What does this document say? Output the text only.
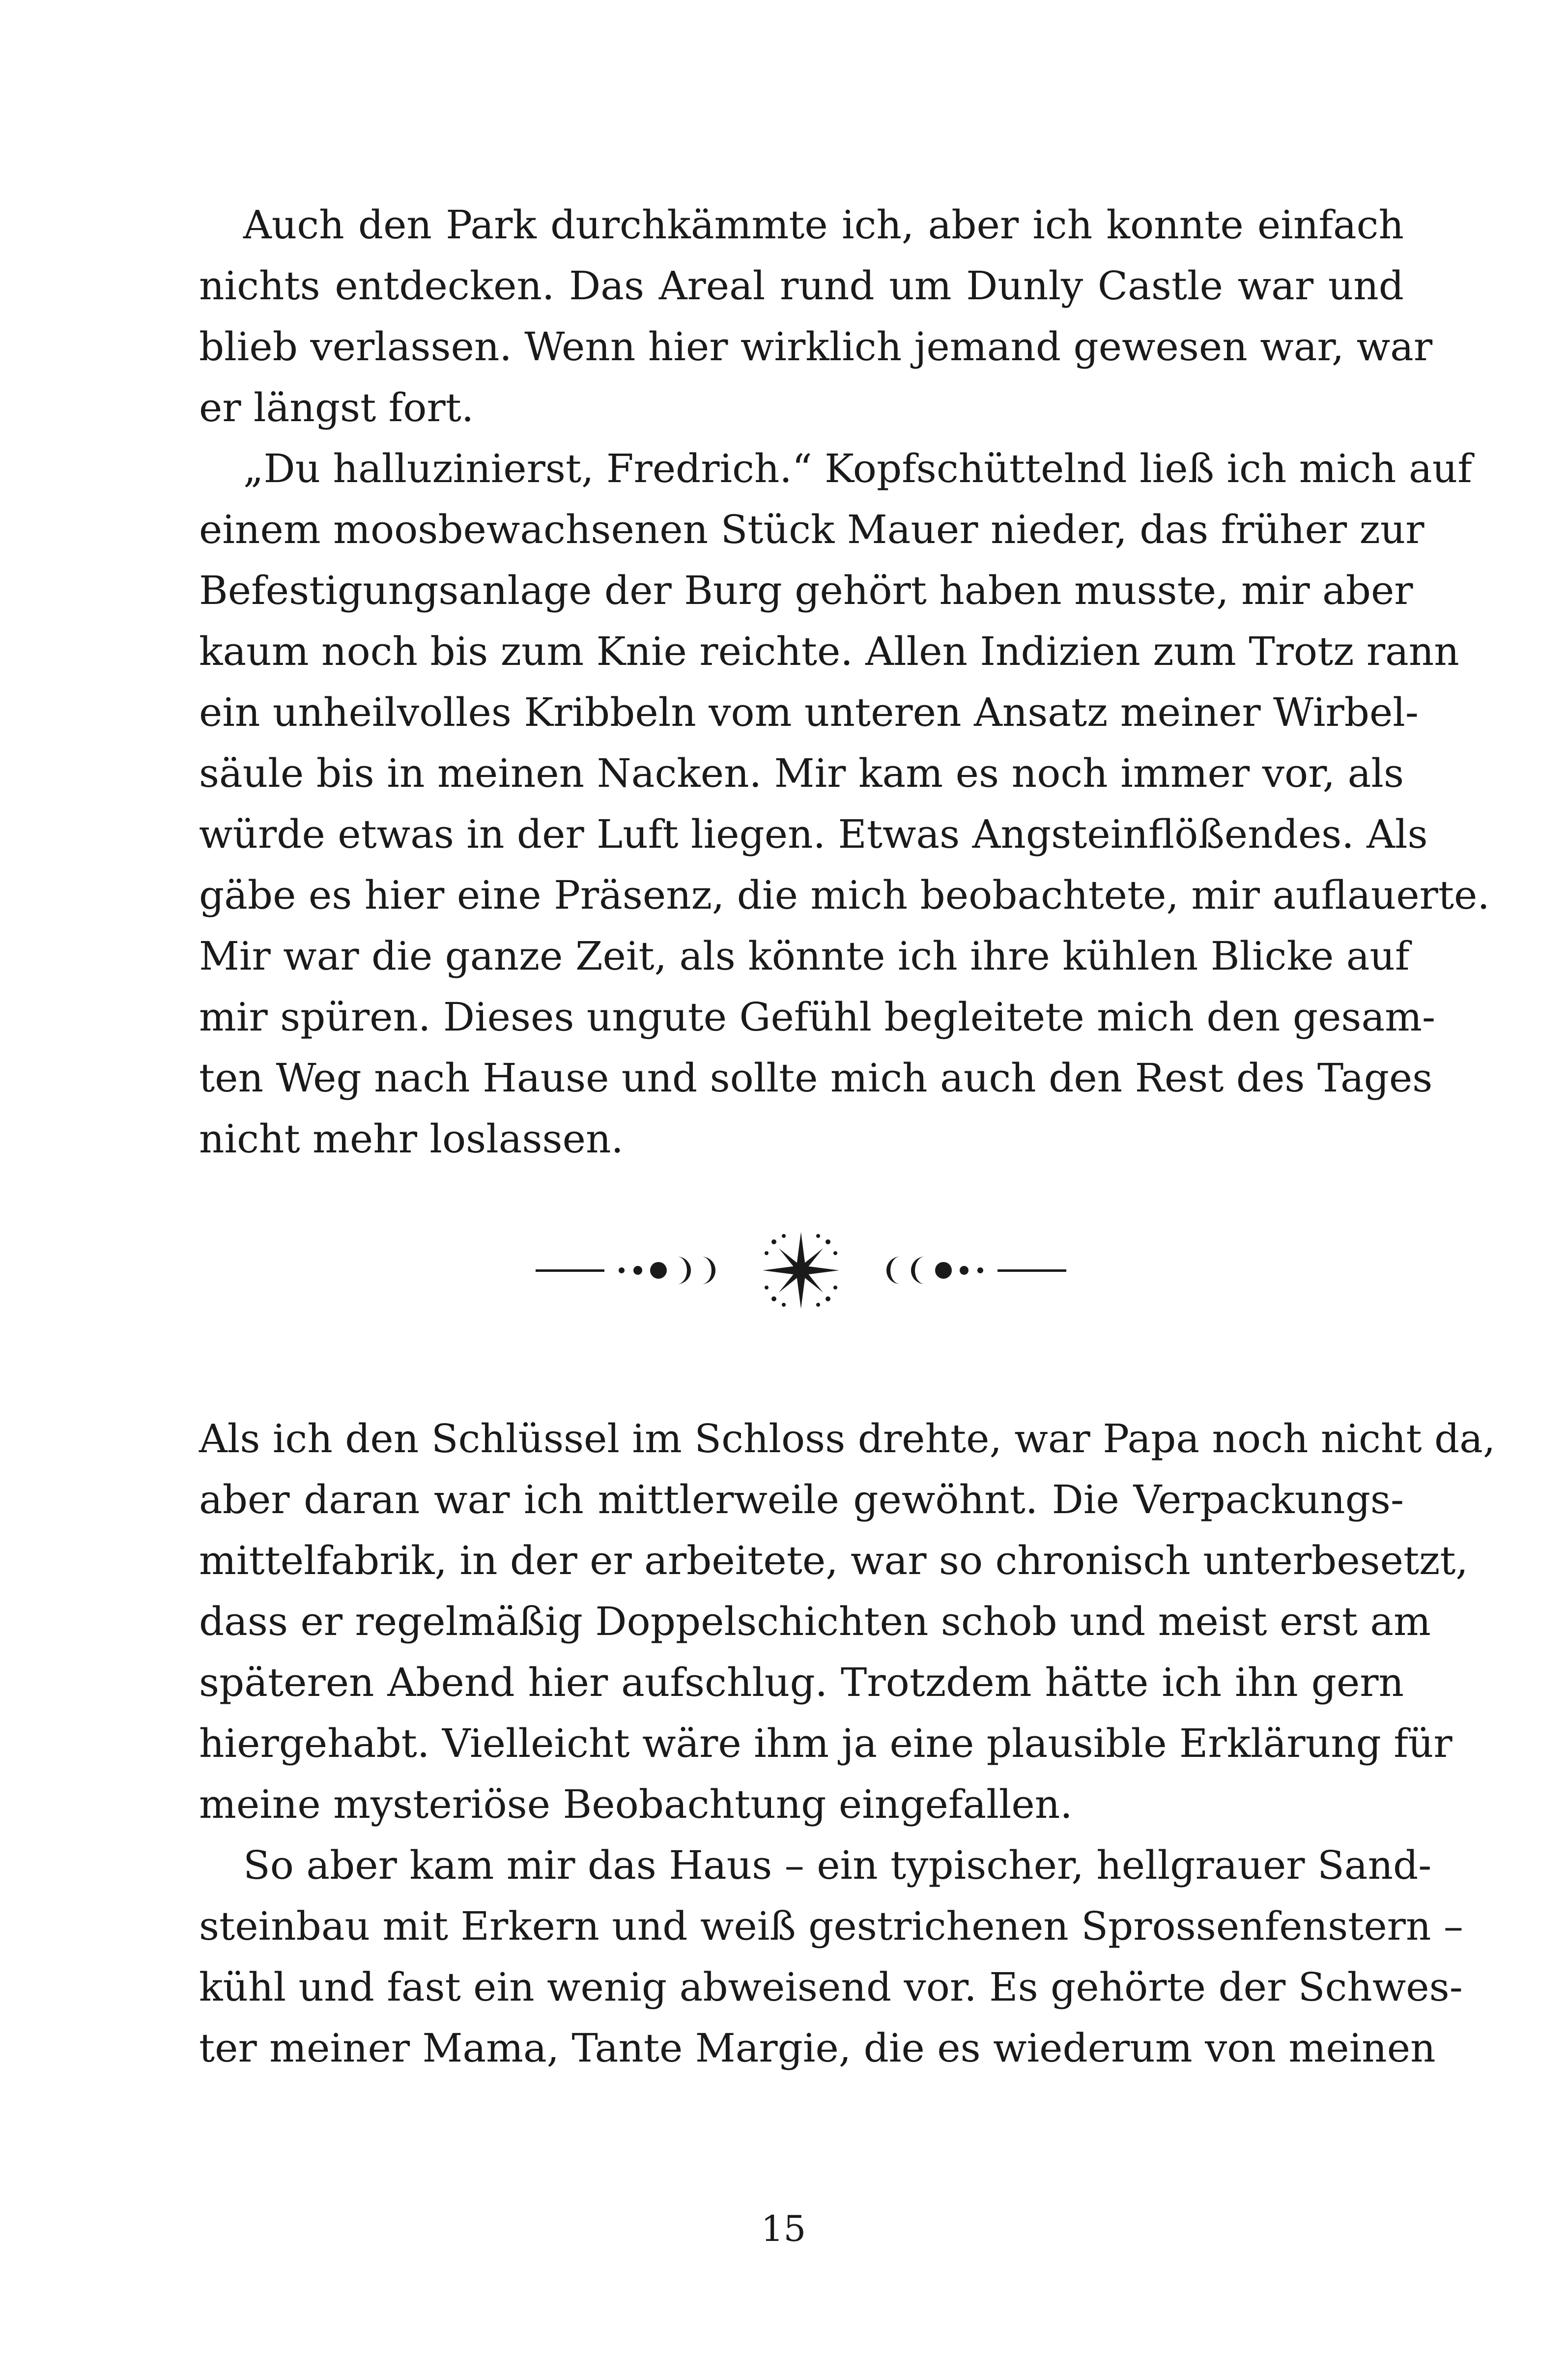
Auch den Park durchkämmte ich, aber ich konnte einfach
nichts entdecken. Das Areal rund um Dunly Castle war und
blieb verlassen. Wenn hier wirklich jemand gewesen war, war
er längst fort.
„Du halluzinierst, Fredrich.“ Kopfschüttelnd ließ ich mich auf
einem moosbewachsenen Stück Mauer nieder, das früher zur
Befestigungsanlage der Burg gehört haben musste, mir aber
kaum noch bis zum Knie reichte. Allen Indizien zum Trotz rann
ein unheilvolles Kribbeln vom unteren Ansatz meiner Wirbel-
säule bis in meinen Nacken. Mir kam es noch immer vor, als
würde etwas in der Luft liegen. Etwas Angsteinflößendes. Als
gäbe es hier eine Präsenz, die mich beobachtete, mir auflauerte.
Mir war die ganze Zeit, als könnte ich ihre kühlen Blicke auf
mir spüren. Dieses ungute Gefühl begleitete mich den gesam-
ten Weg nach Hause und sollte mich auch den Rest des Tages
nicht mehr loslassen.
Als ich den Schlüssel im Schloss drehte, war Papa noch nicht da,
aber daran war ich mittlerweile gewöhnt. Die Verpackungs-
mittelfabrik, in der er arbeitete, war so chronisch unterbesetzt,
dass er regelmäßig Doppelschichten schob und meist erst am
späteren Abend hier aufschlug. Trotzdem hätte ich ihn gern
hiergehabt. Vielleicht wäre ihm ja eine plausible Erklärung für
meine mysteriöse Beobachtung eingefallen.
So aber kam mir das Haus – ein typischer, hellgrauer Sand-
steinbau mit Erkern und weiß gestrichenen Sprossenfenstern –
kühl und fast ein wenig abweisend vor. Es gehörte der Schwes-
ter meiner Mama, Tante Margie, die es wiederum von meinen
15
